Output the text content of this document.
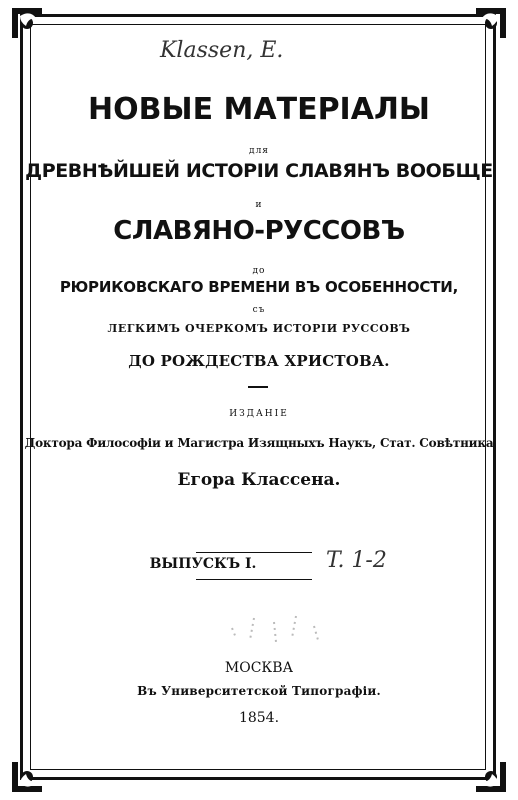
Klassen, E.
НОВЫЕ МАТЕРІАЛЫ
для
ДРЕВНѢЙШЕЙ ИСТОРІИ СЛАВЯНЪ ВООБЩЕ
и
СЛАВЯНО-РУССОВЪ
до
РЮРИКОВСКАГО ВРЕМЕНИ ВЪ ОСОБЕННОСТИ,
съ
ЛЕГКИМЪ ОЧЕРКОМЪ ИСТОРІИ РУССОВЪ
ДО РОЖДЕСТВА ХРИСТОВА.
ИЗДАНІЕ
Доктора Философіи и Магистра Изящныхъ Наукъ, Стат. Совѣтника
Егора Классена.
ВЫПУСКЪ I.	T. 1-2
МОСКВА
Въ Университетской Типографіи.
1854.
